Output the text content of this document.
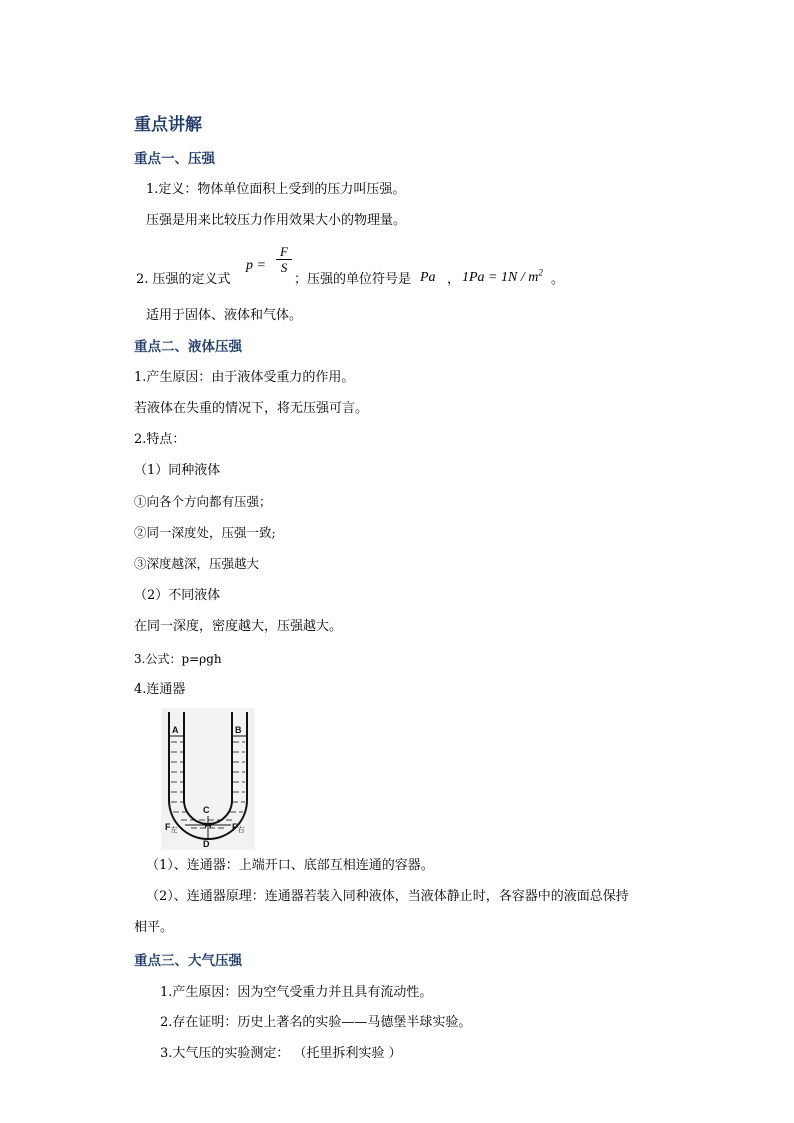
重点讲解
重点一、压强
1.定义：物体单位面积上受到的压力叫压强。
压强是用来比较压力作用效果大小的物理量。
2. 压强的定义式
$p = \frac{F}{S}$
；压强的单位符号是 Pa ， $1Pa = 1N / m^2$ 。
适用于固体、液体和气体。
重点二、液体压强
1.产生原因：由于液体受重力的作用。
若液体在失重的情况下，将无压强可言。
2.特点：
（1）同种液体
①向各个方向都有压强；
②同一深度处，压强一致;
③深度越深，压强越大
（2）不同液体
在同一深度，密度越大，压强越大。
3.公式：p=ρgh
4.连通器
A	B
C
D
$F_左$	$F_右$
（1）、连通器：上端开口、底部互相连通的容器。
（2）、连通器原理：连通器若装入同种液体，当液体静止时，各容器中的液面总保持
相平。
重点三、大气压强
1.产生原因：因为空气受重力并且具有流动性。
2.存在证明：历史上著名的实验——马德堡半球实验。
3.大气压的实验测定： （托里拆利实验 ）
